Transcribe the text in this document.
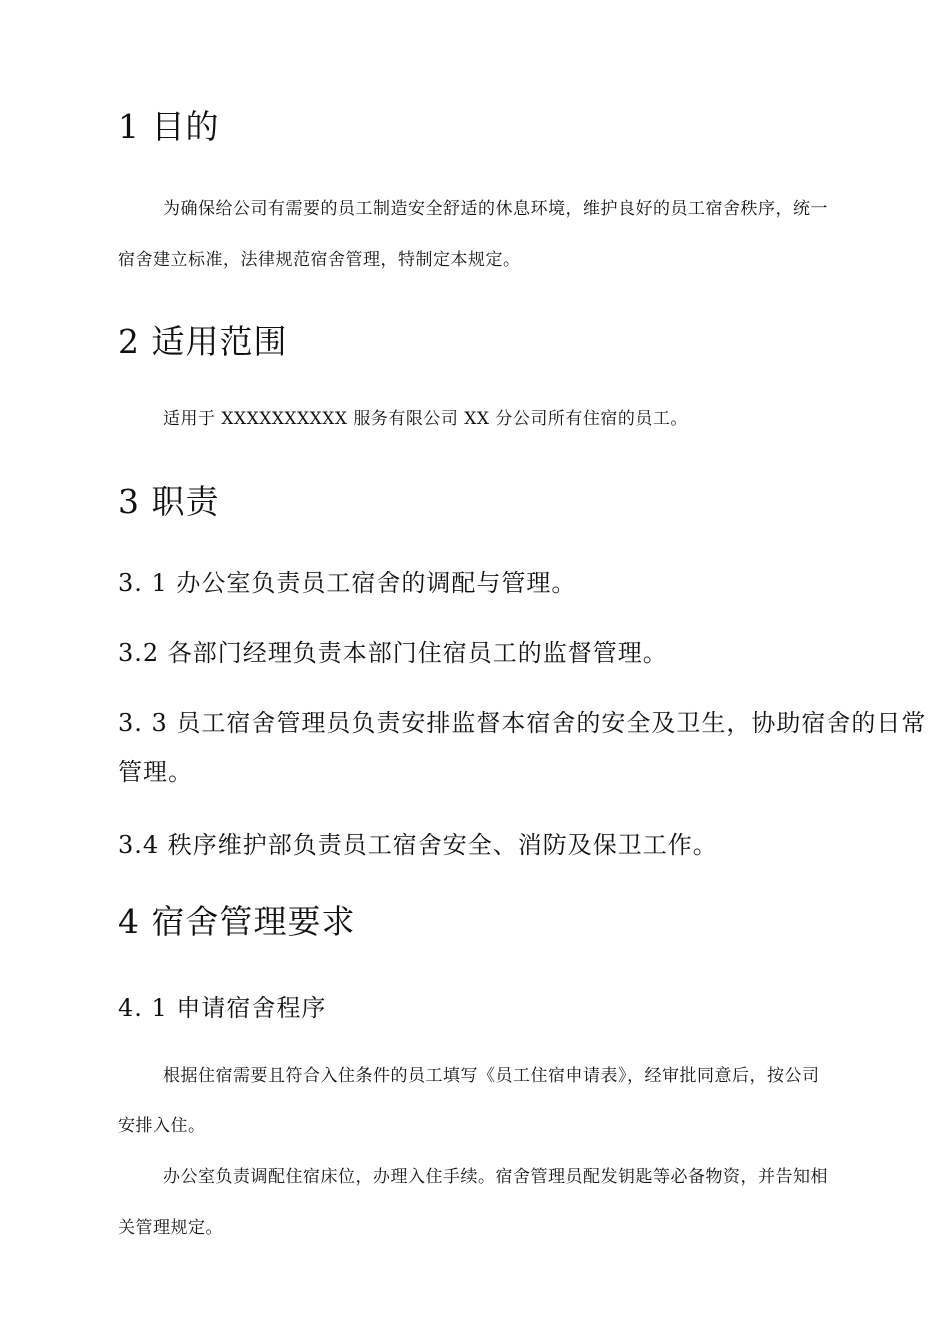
1 目的

为确保给公司有需要的员工制造安全舒适的休息环境，维护良好的员工宿舍秩序，统一

宿舍建立标准，法律规范宿舍管理，特制定本规定。

2 适用范围

适用于 XXXXXXXXXX 服务有限公司 XX 分公司所有住宿的员工。

3 职责

3. 1 办公室负责员工宿舍的调配与管理。

3.2 各部门经理负责本部门住宿员工的监督管理。

3. 3 员工宿舍管理员负责安排监督本宿舍的安全及卫生，协助宿舍的日常

管理。

3.4 秩序维护部负责员工宿舍安全、消防及保卫工作。

4 宿舍管理要求
4. 1 申请宿舍程序

根据住宿需要且符合入住条件的员工填写《员工住宿申请表》，经审批同意后，按公司

安排入住。

办公室负责调配住宿床位，办理入住手续。宿舍管理员配发钥匙等必备物资，并告知相

关管理规定。
